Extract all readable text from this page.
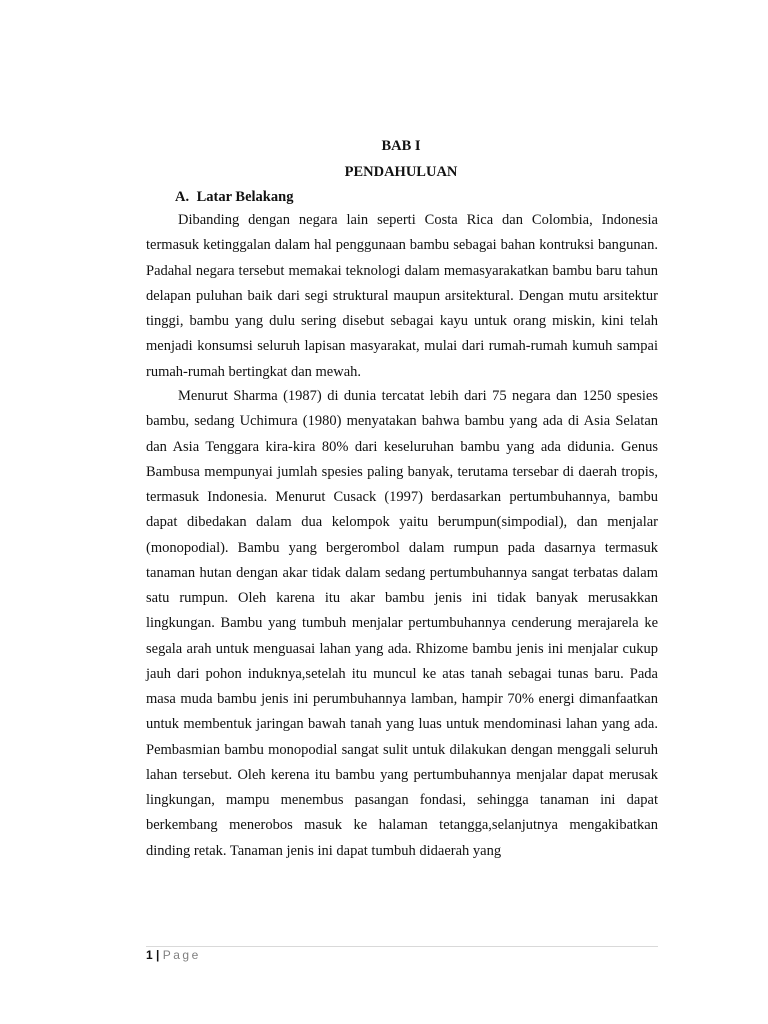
BAB I
PENDAHULUAN
A. Latar Belakang

Dibanding dengan negara lain seperti Costa Rica dan Colombia, Indonesia termasuk ketinggalan dalam hal penggunaan bambu sebagai bahan kontruksi bangunan. Padahal negara tersebut memakai teknologi dalam memasyarakatkan bambu baru tahun delapan puluhan baik dari segi struktural maupun arsitektural. Dengan mutu arsitektur tinggi, bambu yang dulu sering disebut sebagai kayu untuk orang miskin, kini telah menjadi konsumsi seluruh lapisan masyarakat, mulai dari rumah-rumah kumuh sampai rumah-rumah bertingkat dan mewah.

Menurut Sharma (1987) di dunia tercatat lebih dari 75 negara dan 1250 spesies bambu, sedang Uchimura (1980) menyatakan bahwa bambu yang ada di Asia Selatan dan Asia Tenggara kira-kira 80% dari keseluruhan bambu yang ada didunia. Genus Bambusa mempunyai jumlah spesies paling banyak, terutama tersebar di daerah tropis, termasuk Indonesia. Menurut Cusack (1997) berdasarkan pertumbuhannya, bambu dapat dibedakan dalam dua kelompok yaitu berumpun(simpodial), dan menjalar (monopodial). Bambu yang bergerombol dalam rumpun pada dasarnya termasuk tanaman hutan dengan akar tidak dalam sedang pertumbuhannya sangat terbatas dalam satu rumpun. Oleh karena itu akar bambu jenis ini tidak banyak merusakkan lingkungan. Bambu yang tumbuh menjalar pertumbuhannya cenderung merajarela ke segala arah untuk menguasai lahan yang ada. Rhizome bambu jenis ini menjalar cukup jauh dari pohon induknya,setelah itu muncul ke atas tanah sebagai tunas baru. Pada masa muda bambu jenis ini perumbuhannya lamban, hampir 70% energi dimanfaatkan untuk membentuk jaringan bawah tanah yang luas untuk mendominasi lahan yang ada. Pembasmian bambu monopodial sangat sulit untuk dilakukan dengan menggali seluruh lahan tersebut. Oleh kerena itu bambu yang pertumbuhannya menjalar dapat merusak lingkungan, mampu menembus pasangan fondasi, sehingga tanaman ini dapat berkembang menerobos masuk ke halaman tetangga,selanjutnya mengakibatkan dinding retak. Tanaman jenis ini dapat tumbuh didaerah yang

1 | Page
